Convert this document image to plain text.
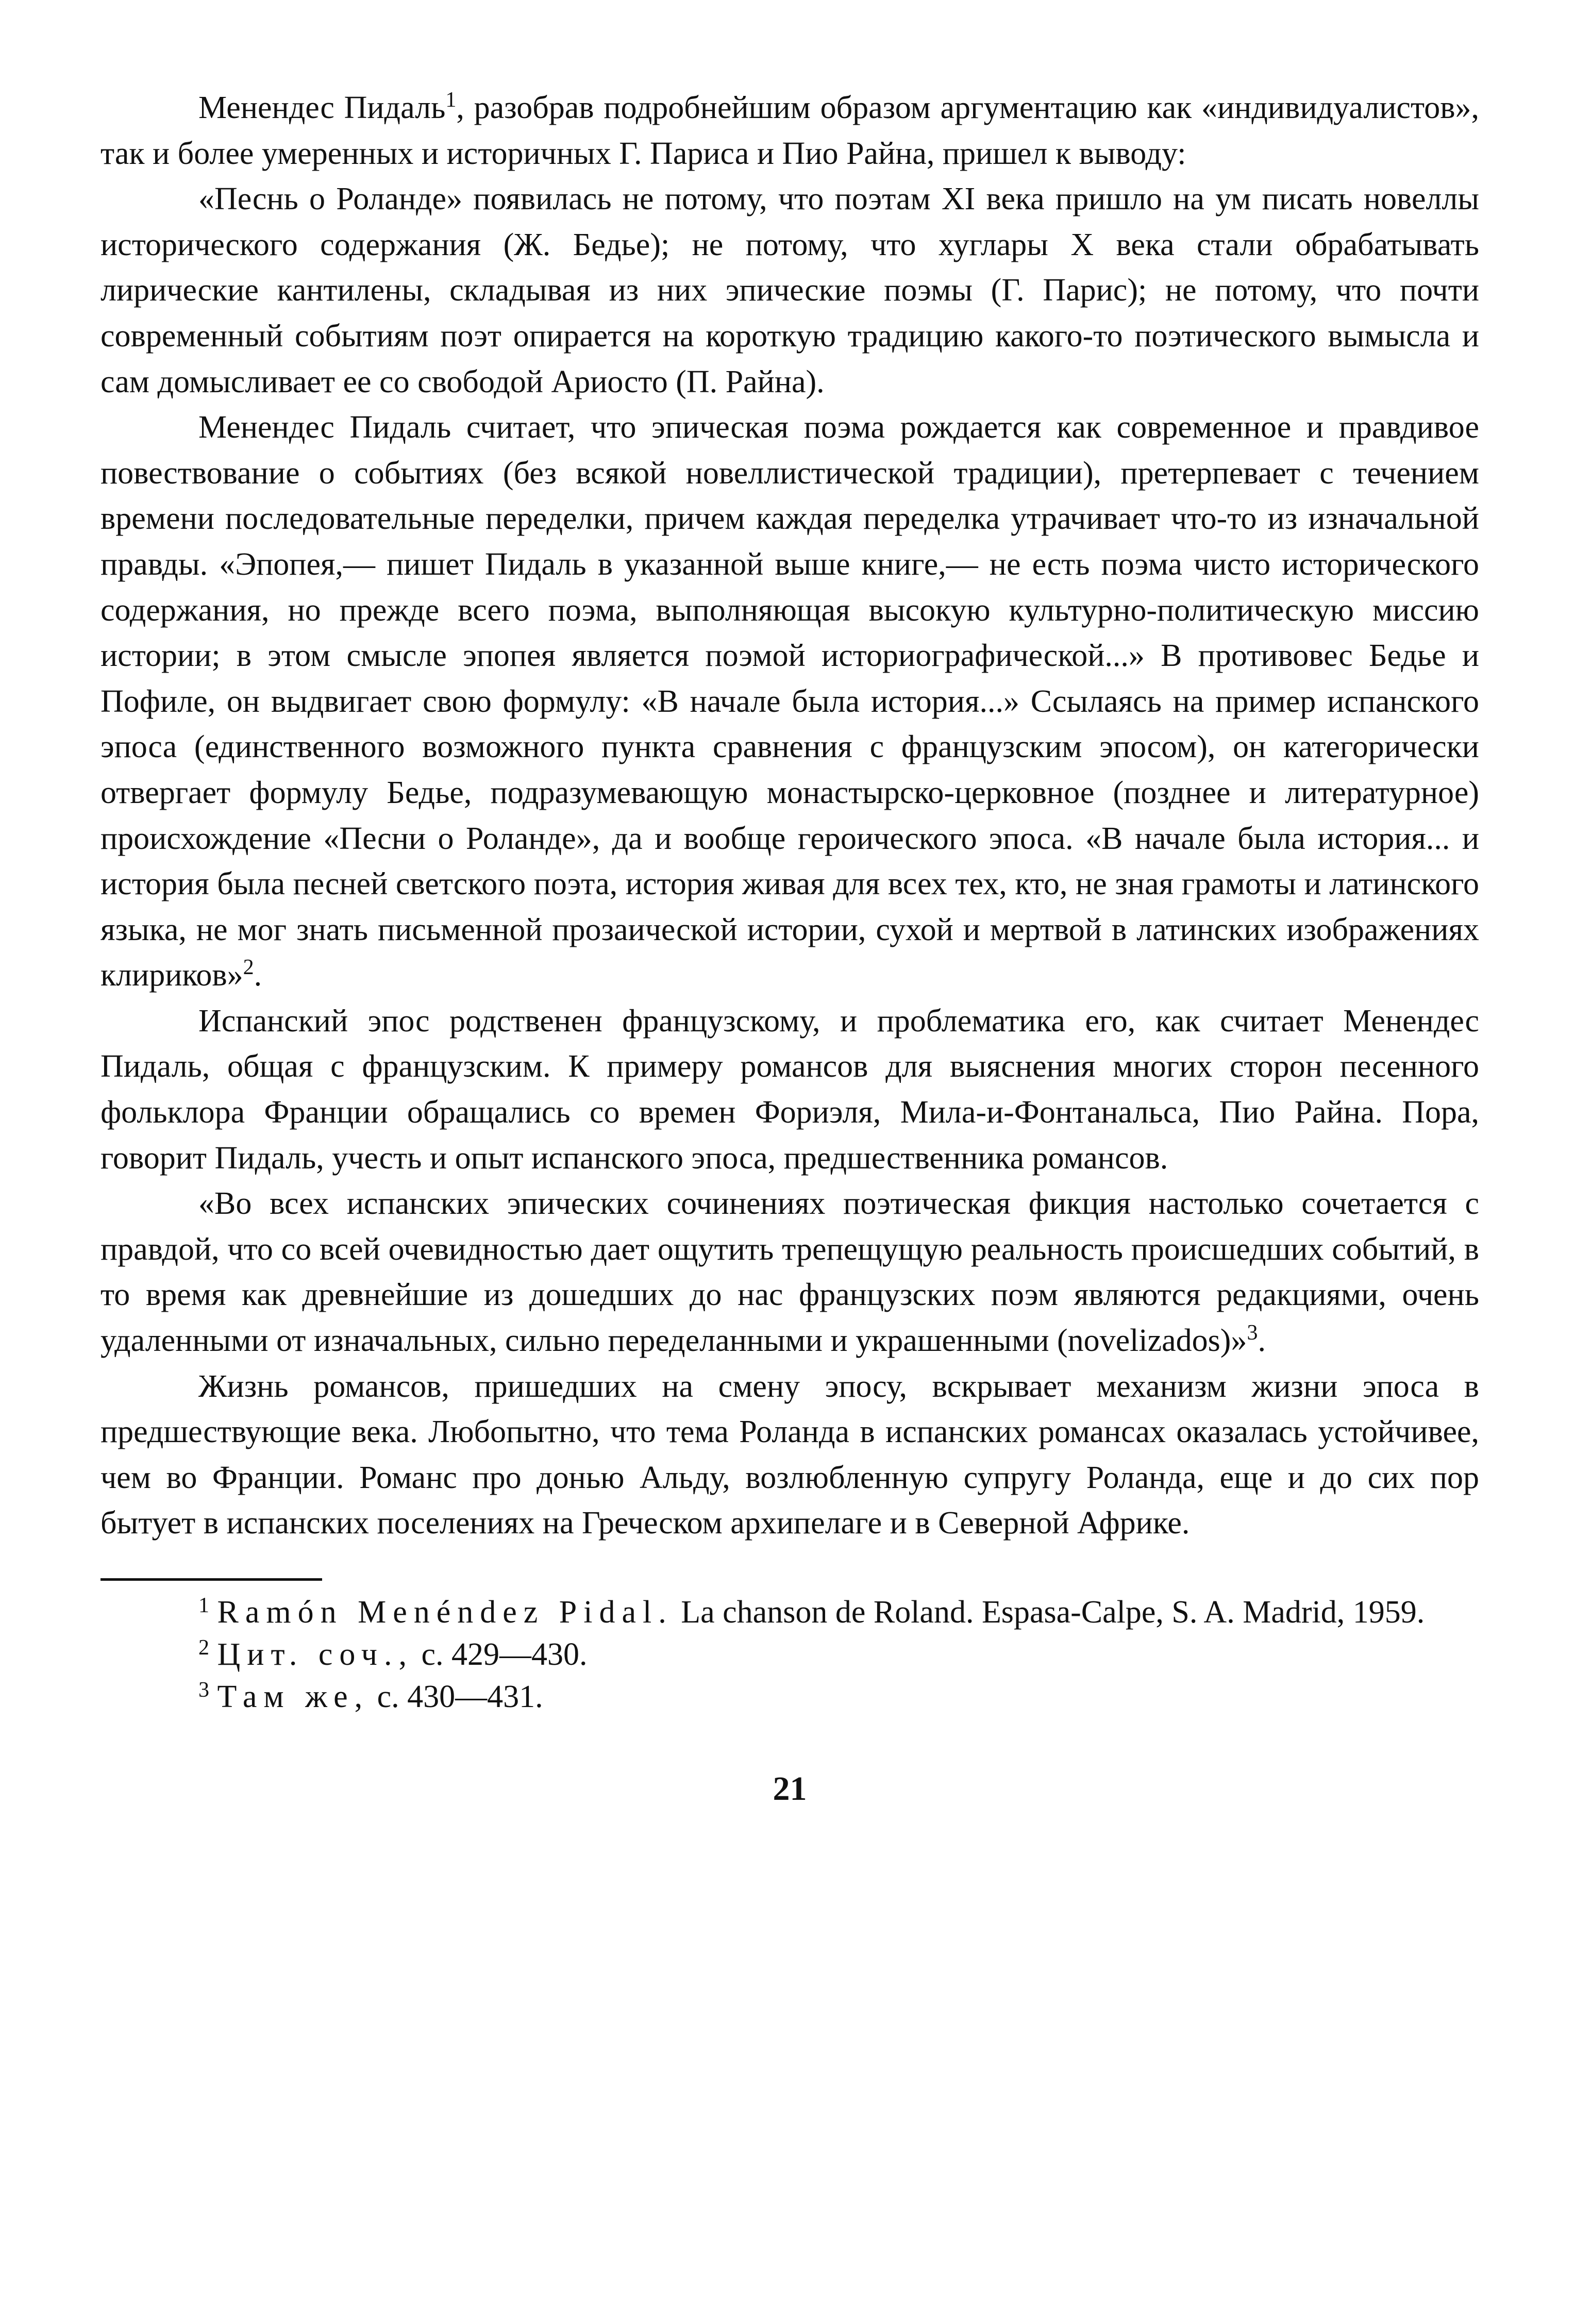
Менендес Пидаль$^1$, разобрав подробнейшим образом аргументацию как «индивидуалистов», так и более умеренных и историчных Г. Париса и Пио Райна, пришел к выводу:

«Песнь о Роланде» появилась не потому, что поэтам XI века пришло на ум писать новеллы исторического содержания (Ж. Бедье); не потому, что хуглары X века стали обрабатывать лирические кантилены, складывая из них эпические поэмы (Г. Парис); не потому, что почти современный событиям поэт опирается на короткую традицию какого-то поэтического вымысла и сам домысливает ее со свободой Ариосто (П. Райна).

Менендес Пидаль считает, что эпическая поэма рождается как современное и правдивое повествование о событиях (без всякой новеллистической традиции), претерпевает с течением времени последовательные переделки, причем каждая переделка утрачивает что-то из изначальной правды. «Эпопея,— пишет Пидаль в указанной выше книге,— не есть поэма чисто исторического содержания, но прежде всего поэма, выполняющая высокую культурно-политическую миссию истории; в этом смысле эпопея является поэмой историографической...» В противовес Бедье и Пофиле, он выдвигает свою формулу: «В начале была история...» Ссылаясь на пример испанского эпоса (единственного возможного пункта сравнения с французским эпосом), он категорически отвергает формулу Бедье, подразумевающую монастырско-церковное (позднее и литературное) происхождение «Песни о Роланде», да и вообще героического эпоса. «В начале была история... и история была песней светского поэта, история живая для всех тех, кто, не зная грамоты и латинского языка, не мог знать письменной прозаической истории, сухой и мертвой в латинских изображениях клириков»$^2$.

Испанский эпос родственен французскому, и проблематика его, как считает Менендес Пидаль, общая с французским. К примеру романсов для выяснения многих сторон песенного фольклора Франции обращались со времен Фориэля, Мила-и-Фонтанальса, Пио Райна. Пора, говорит Пидаль, учесть и опыт испанского эпоса, предшественника романсов.

«Во всех испанских эпических сочинениях поэтическая фикция настолько сочетается с правдой, что со всей очевидностью дает ощутить трепещущую реальность происшедших событий, в то время как древнейшие из дошедших до нас французских поэм являются редакциями, очень удаленными от изначальных, сильно переделанными и украшенными (novelizados)»$^3$.

Жизнь романсов, пришедших на смену эпосу, вскрывает механизм жизни эпоса в предшествующие века. Любопытно, что тема Роланда в испанских романсах оказалась устойчивее, чем во Франции. Романс про донью Альду, возлюбленную супругу Роланда, еще и до сих пор бытует в испанских поселениях на Греческом архипелаге и в Северной Африке.

$^1$ Ramón Menéndez Pidal. La chanson de Roland. Espasa-Calpe, S. A. Madrid, 1959.

$^2$ Цит. соч., с. 429—430.

$^3$ Там же, с. 430—431.

21
